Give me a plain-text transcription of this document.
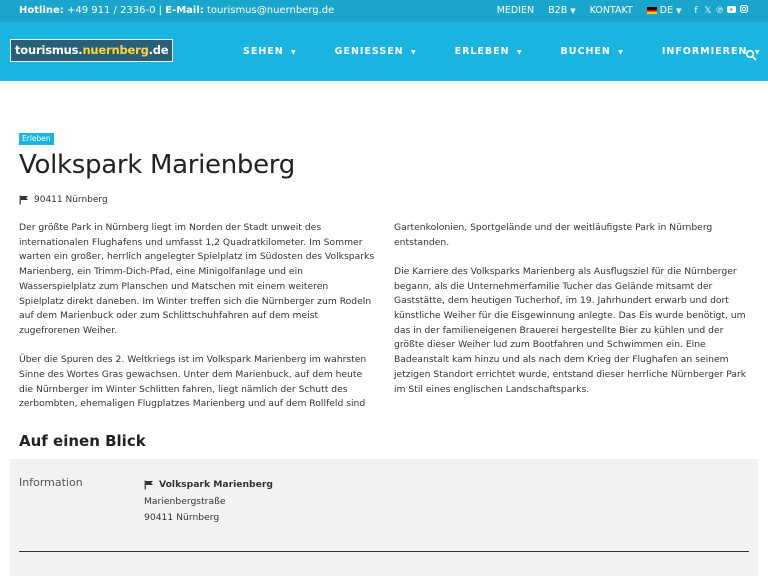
Hotline: +49 911 / 2336-0 | E-Mail: tourismus@nuernberg.de	MEDIEN B2B ▼ KONTAKT	DE ▼	f 𝕏 ℗
tourismus.nuernberg.de	SEHEN ▼	GENIESSEN ▼	ERLEBEN ▼	BUCHEN ▼	INFORMIEREN ▼
Erleben
Volkspark Marienberg
90411 Nürnberg

Der größte Park in Nürnberg liegt im Norden der Stadt unweit des internationalen Flughafens und umfasst 1,2 Quadratkilometer. Im Sommer warten ein großer, herrlich angelegter Spielplatz im Südosten des Volksparks Marienberg, ein Trimm-Dich-Pfad, eine Minigolfanlage und ein Wasserspielplatz zum Planschen und Matschen mit einem weiteren Spielplatz direkt daneben. Im Winter treffen sich die Nürnberger zum Rodeln auf dem Marienbuck oder zum Schlittschuhfahren auf dem meist zugefrorenen Weiher.

Über die Spuren des 2. Weltkriegs ist im Volkspark Marienberg im wahrsten Sinne des Wortes Gras gewachsen. Unter dem Marienbuck, auf dem heute die Nürnberger im Winter Schlitten fahren, liegt nämlich der Schutt des zerbombten, ehemaligen Flugplatzes Marienberg und auf dem Rollfeld sind

Gartenkolonien, Sportgelände und der weitläufigste Park in Nürnberg entstanden.

Die Karriere des Volksparks Marienberg als Ausflugsziel für die Nürnberger begann, als die Unternehmerfamilie Tucher das Gelände mitsamt der Gaststätte, dem heutigen Tucherhof, im 19. Jahrhundert erwarb und dort künstliche Weiher für die Eisgewinnung anlegte. Das Eis wurde benötigt, um das in der familieneigenen Brauerei hergestellte Bier zu kühlen und der größte dieser Weiher lud zum Bootfahren und Schwimmen ein. Eine Badeanstalt kam hinzu und als nach dem Krieg der Flughafen an seinem jetzigen Standort errichtet wurde, entstand dieser herrliche Nürnberger Park im Stil eines englischen Landschaftsparks.

Auf einen Blick
Information	Volkspark Marienberg
Marienbergstraße
90411 Nürnberg
